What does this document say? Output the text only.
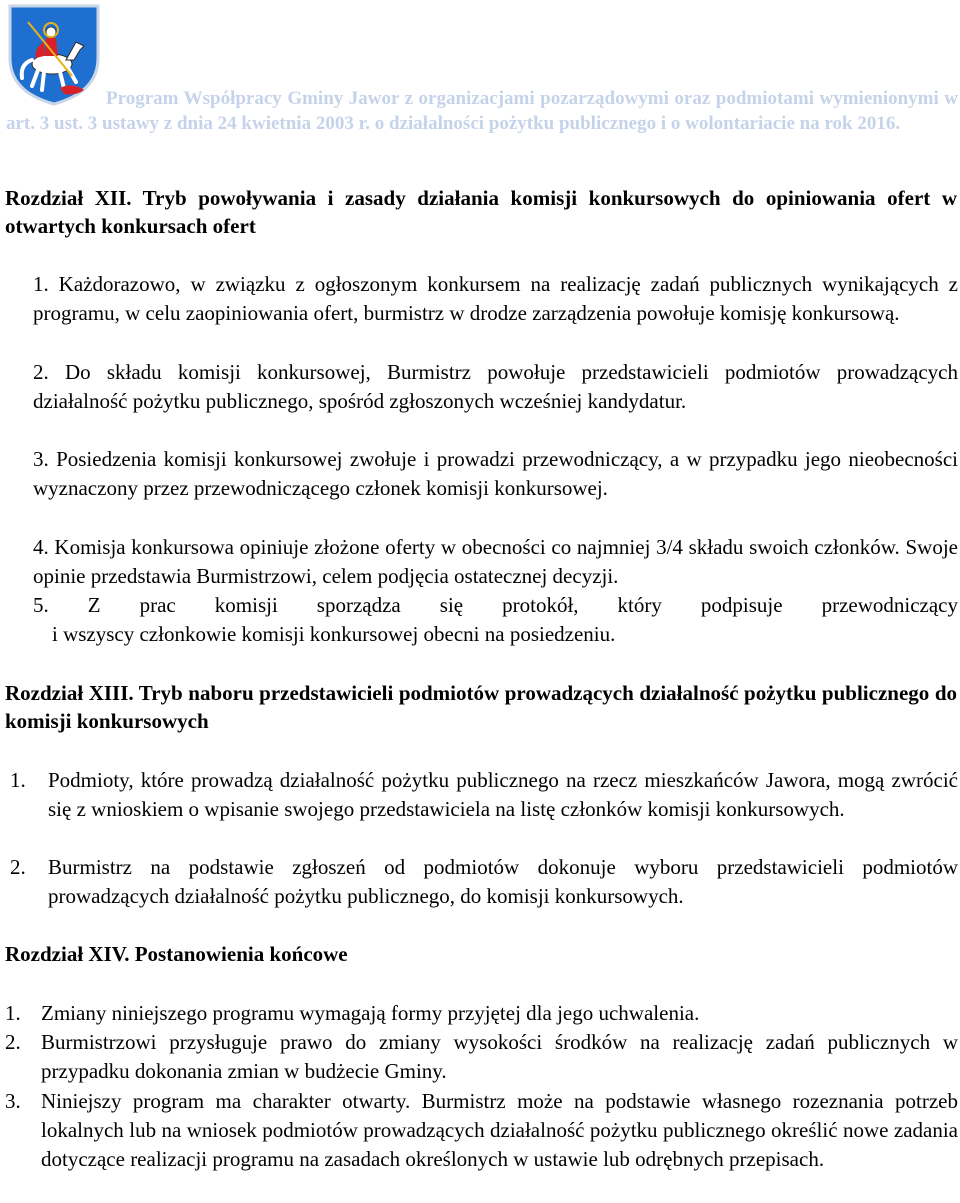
Program Współpracy Gminy Jawor z organizacjami pozarządowymi oraz podmiotami wymienionymi w art. 3 ust. 3 ustawy z dnia 24 kwietnia 2003 r. o działalności pożytku publicznego i o wolontariacie na rok 2016.
Rozdział XII. Tryb powoływania i zasady działania komisji konkursowych do opiniowania ofert w otwartych konkursach ofert
1. Każdorazowo, w związku z ogłoszonym konkursem na realizację zadań publicznych wynikających z programu, w celu zaopiniowania ofert, burmistrz w drodze zarządzenia powołuje komisję konkursową.
2. Do składu komisji konkursowej, Burmistrz powołuje przedstawicieli podmiotów prowadzących działalność pożytku publicznego, spośród zgłoszonych wcześniej kandydatur.
3. Posiedzenia komisji konkursowej zwołuje i prowadzi przewodniczący, a w przypadku jego nieobecności wyznaczony przez przewodniczącego członek komisji konkursowej.
4. Komisja konkursowa opiniuje złożone oferty w obecności co najmniej 3/4 składu swoich członków. Swoje opinie przedstawia Burmistrzowi, celem podjęcia ostatecznej decyzji.
5. Z prac komisji sporządza się protokół, który podpisuje przewodniczący
i wszyscy członkowie komisji konkursowej obecni na posiedzeniu.
Rozdział XIII. Tryb naboru przedstawicieli podmiotów prowadzących działalność pożytku publicznego do komisji konkursowych
1. Podmioty, które prowadzą działalność pożytku publicznego na rzecz mieszkańców Jawora, mogą zwrócić się z wnioskiem o wpisanie swojego przedstawiciela na listę członków komisji konkursowych.
2. Burmistrz na podstawie zgłoszeń od podmiotów dokonuje wyboru przedstawicieli podmiotów prowadzących działalność pożytku publicznego, do komisji konkursowych.
Rozdział XIV. Postanowienia końcowe
1. Zmiany niniejszego programu wymagają formy przyjętej dla jego uchwalenia.
2. Burmistrzowi przysługuje prawo do zmiany wysokości środków na realizację zadań publicznych w przypadku dokonania zmian w budżecie Gminy.
3. Niniejszy program ma charakter otwarty. Burmistrz może na podstawie własnego rozeznania potrzeb lokalnych lub na wniosek podmiotów prowadzących działalność pożytku publicznego określić nowe zadania dotyczące realizacji programu na zasadach określonych w ustawie lub odrębnych przepisach.
